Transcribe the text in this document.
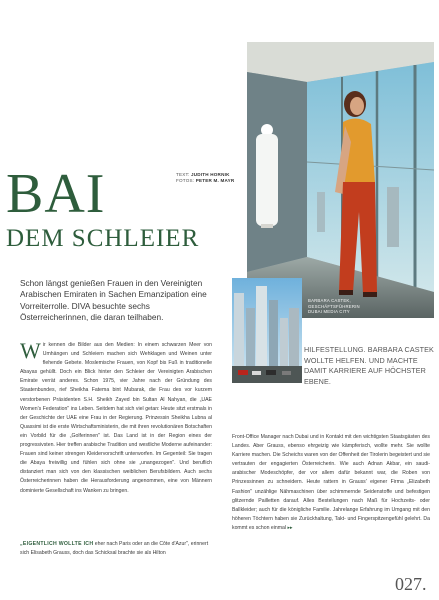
BARBARA CASTEK, GESCHÄFTSFÜHRERIN
DUBAI MEDIA CITY
TEXT: JUDITH HORNIK
FOTOS: PETER M. MAYR
BAI
DEM SCHLEIER
Schon längst genießen Frauen in den Vereinigten Arabischen Emiraten in Sachen Emanzipation eine Vorreiterrolle. DIVA besuchte sechs Österreicherinnen, die daran teilhaben.
Wir kennen die Bilder aus den Medien: In einem schwarzen Meer von Umhängen und Schleiern machen sich Wehklagen und Weinen unter flehende Gebete. Moslemische Frauen, von Kopf bis Fuß in traditionelle Abayas gehüllt. Doch ein Blick hinter den Schleier der Vereinigten Arabischen Emirate verrät anderes. Schon 1975, vier Jahre nach der Gründung des Staatenbundes, rief Sheikha Fatema bint Mubarak, die Frau des vor kurzem verstorbenen Präsidenten S.H. Sheikh Zayed bin Sultan Al Nahyan, die „UAE Women's Federation" ins Leben. Seitdem hat sich viel getan: Heute sitzt erstmals in der Geschichte der UAE eine Frau in der Regierung. Prinzessin Sheikha Lubna al Quassimi ist die erste Wirtschaftsministerin, die mit ihren revolutionären Botschaften ein Vorbild für die „Golferinnen" ist. Das Land ist in der Region eines der progressivsten. Hier treffen arabische Tradition und westliche Moderne aufeinander: Frauen sind keiner strengen Kleidervorschrift unterworfen. Im Gegenteil: Sie tragen die Abaya freiwillig und fühlen sich ohne sie „unangezogen". Und beruflich distanziert man sich von den klassischen weiblichen Berufsbildern. Auch sechs Österreicherinnen haben die Herausforderung angenommen, eine von Männern dominierte Gesellschaft ins Wanken zu bringen.
„EIGENTLICH WOLLTE ICH eher nach Paris oder an die Côte d'Azur", erinnert sich Elisabeth Grauss, doch das Schicksal brachte sie als Hilton
HILFESTELLUNG. BARBARA CASTEK WOLLTE HELFEN. UND MACHTE DAMIT KARRIERE AUF HÖCHSTER EBENE.
Front-Office Manager nach Dubai und in Kontakt mit den wichtigsten Staatsgästen des Landes. Aber Grauss, ebenso ehrgeizig wie kämpferisch, wollte mehr. Sie wollte Karriere machen. Die Scheichs waren von der Offenheit der Tirolerin begeistert und sie vertrauten der engagierten Österreicherin. Wie auch Adnan Akbar, ein saudi-arabischer Modeschöpfer, der vor allem dafür bekannt war, die Roben von Prinzessinnen zu schneidern. Heute rattern in Grauss' eigener Firma „Elizabeth Fashion" unzählige Nähmaschinen über schimmernde Seidenstoffe und befestigen glitzernde Pailletten darauf. Alles Bestellungen nach Maß für Hochzeits- oder Ballkleider; auch für die königliche Familie. Jahrelange Erfahrung im Umgang mit den höheren Töchtern haben sie Zurückhaltung, Takt- und Fingerspitzengefühl gelehrt. Da kommt es schon einmal ▸▸
027.
